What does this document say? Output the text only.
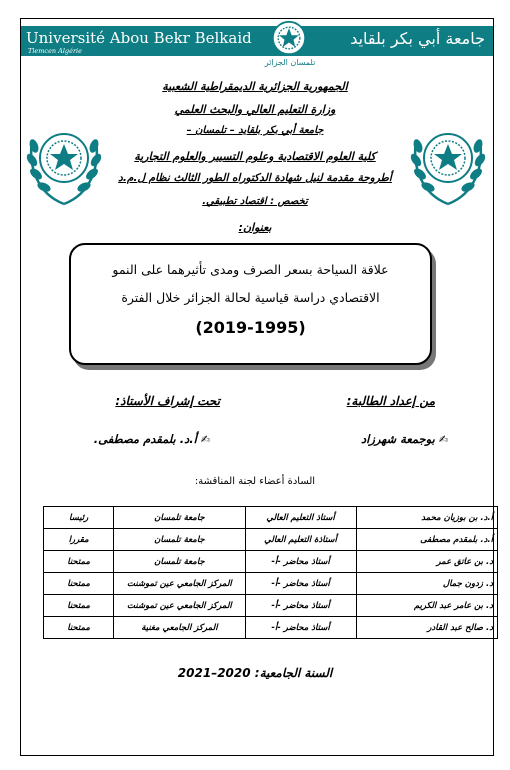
Université Abou Bekr Belkaid
Tlemcen Algérie
جامعة أبي بكر بلقايد
تلمسان الجزائر
الجمهورية الجزائرية الديمقراطية الشعبية
وزارة التعليم العالي والبحث العلمي
جامعة أبي بكر بلقايد – تلمسان –
كلية العلوم الاقتصادية وعلوم التسيير والعلوم التجارية
أطروحة مقدمة لنيل شهادة الدكتوراه الطور الثالث نظام ل.م.د
تخصص : اقتصاد تطبيقي.
بعنوان:
علاقة السياحة بسعر الصرف ومدى تأثيرهما على النمو
الاقتصادي دراسة قياسية لحالة الجزائر خلال الفترة
(2019-1995)
من إعداد الطالبة:
تحت إشراف الأستاذ:
✍بوجمعة شهرزاد
✍أ.د. بلمقدم مصطفى.
السادة أعضاء لجنة المناقشة:
أ.د. بن بوزيان محمد	أستاذ التعليم العالي	جامعة تلمسان	رئيسا
أ.د. بلمقدم مصطفى	أستاذة التعليم العالي	جامعة تلمسان	مقررا
د. بن عاتق عمر	أستاذ محاضر -أ-	جامعة تلمسان	ممتحنا
د. زدون جمال	أستاذ محاضر -أ-	المركز الجامعي عين تموشنت	ممتحنا
د. بن عامر عبد الكريم	أستاذ محاضر -أ-	المركز الجامعي عين تموشنت	ممتحنا
د. صالح عبد القادر	أستاذ محاضر -أ-	المركز الجامعي مغنية	ممتحنا
السنة الجامعية: 2020–2021
